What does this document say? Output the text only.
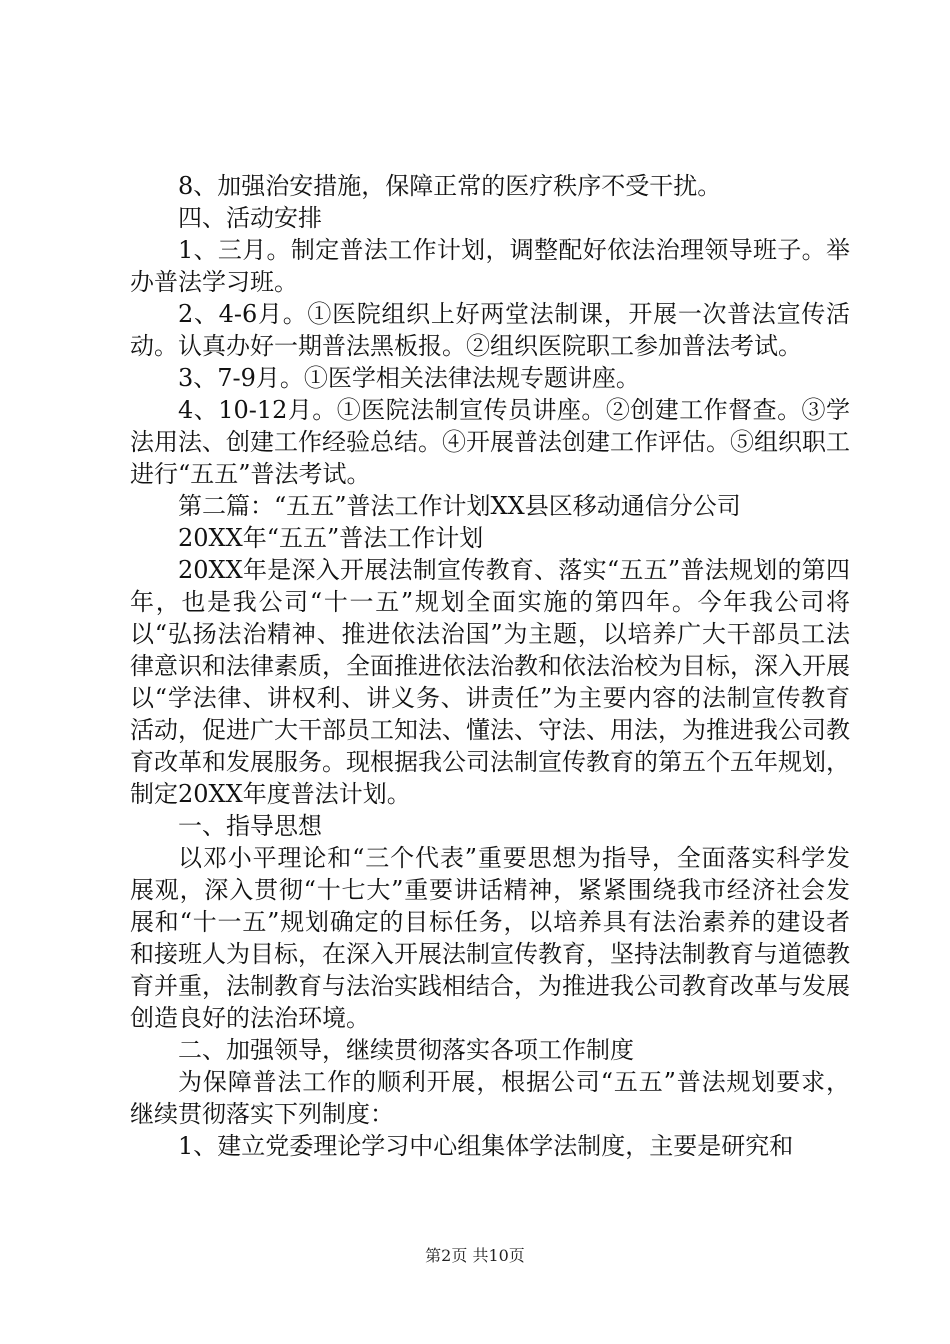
8、加强治安措施，保障正常的医疗秩序不受干扰。

四、活动安排

1、三月。制定普法工作计划，调整配好依法治理领导班子。举办普法学习班。

2、4-6月。①医院组织上好两堂法制课，开展一次普法宣传活动。认真办好一期普法黑板报。②组织医院职工参加普法考试。

3、7-9月。①医学相关法律法规专题讲座。

4、10-12月。①医院法制宣传员讲座。②创建工作督查。③学法用法、创建工作经验总结。④开展普法创建工作评估。⑤组织职工进行“五五”普法考试。

第二篇：“五五”普法工作计划XX县区移动通信分公司

20XX年“五五”普法工作计划

20XX年是深入开展法制宣传教育、落实“五五”普法规划的第四年，也是我公司“十一五”规划全面实施的第四年。今年我公司将以“弘扬法治精神、推进依法治国”为主题，以培养广大干部员工法律意识和法律素质，全面推进依法治教和依法治校为目标，深入开展以“学法律、讲权利、讲义务、讲责任”为主要内容的法制宣传教育活动，促进广大干部员工知法、懂法、守法、用法，为推进我公司教育改革和发展服务。现根据我公司法制宣传教育的第五个五年规划，制定20XX年度普法计划。

一、指导思想

以邓小平理论和“三个代表”重要思想为指导，全面落实科学发展观，深入贯彻“十七大”重要讲话精神，紧紧围绕我市经济社会发展和“十一五”规划确定的目标任务，以培养具有法治素养的建设者和接班人为目标，在深入开展法制宣传教育，坚持法制教育与道德教育并重，法制教育与法治实践相结合，为推进我公司教育改革与发展创造良好的法治环境。

二、加强领导，继续贯彻落实各项工作制度

为保障普法工作的顺利开展，根据公司“五五”普法规划要求，继续贯彻落实下列制度：

1、建立党委理论学习中心组集体学法制度，主要是研究和

第2页 共10页
